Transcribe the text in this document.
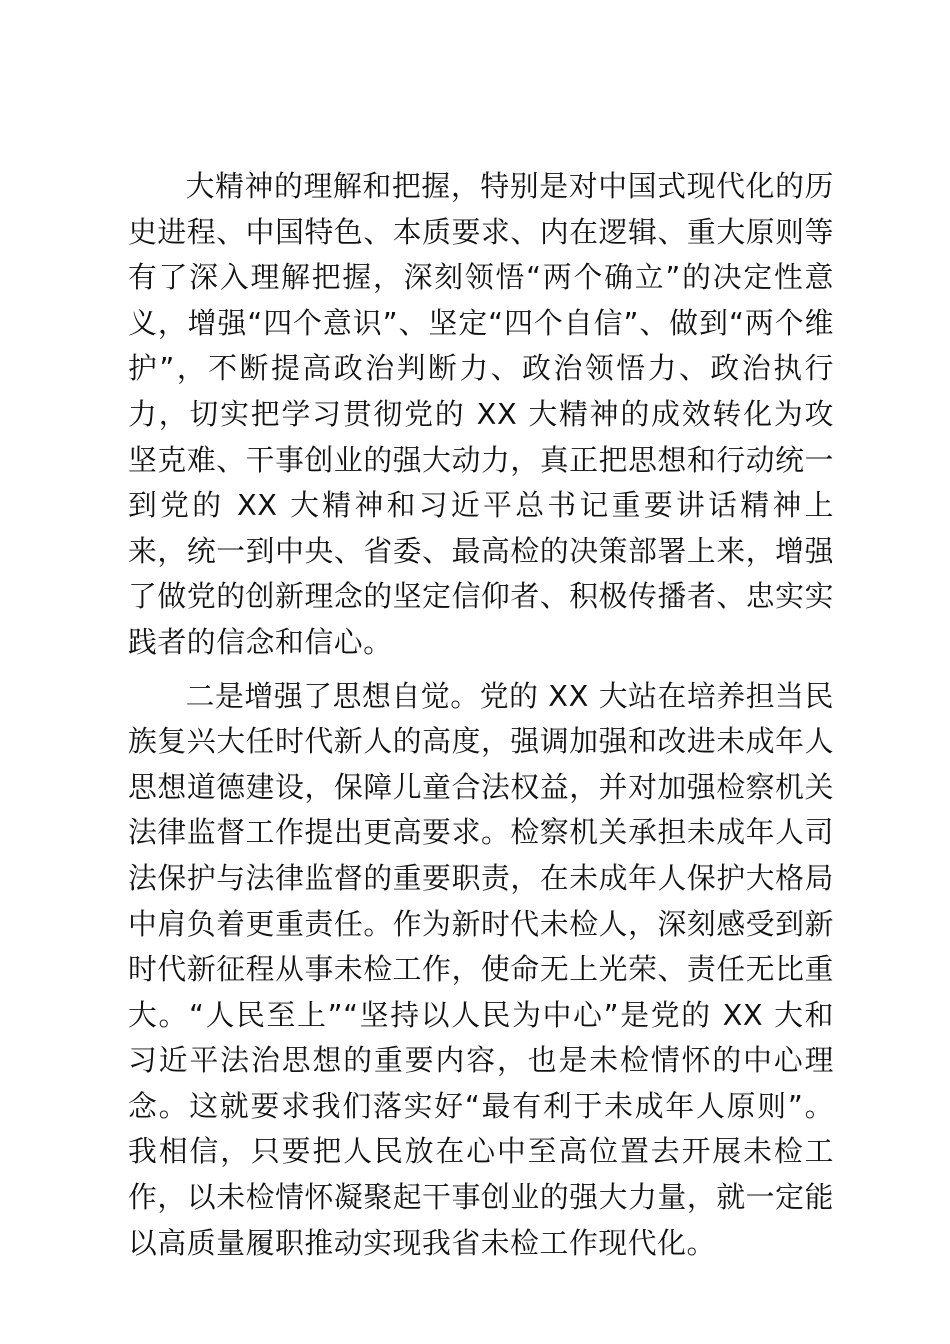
大精神的理解和把握，特别是对中国式现代化的历史进程、中国特色、本质要求、内在逻辑、重大原则等有了深入理解把握，深刻领悟“两个确立”的决定性意义，增强“四个意识”、坚定“四个自信”、做到“两个维护”，不断提高政治判断力、政治领悟力、政治执行力，切实把学习贯彻党的 XX 大精神的成效转化为攻坚克难、干事创业的强大动力，真正把思想和行动统一到党的 XX 大精神和习近平总书记重要讲话精神上来，统一到中央、省委、最高检的决策部署上来，增强了做党的创新理念的坚定信仰者、积极传播者、忠实实践者的信念和信心。

二是增强了思想自觉。党的 XX 大站在培养担当民族复兴大任时代新人的高度，强调加强和改进未成年人思想道德建设，保障儿童合法权益，并对加强检察机关法律监督工作提出更高要求。检察机关承担未成年人司法保护与法律监督的重要职责，在未成年人保护大格局中肩负着更重责任。作为新时代未检人，深刻感受到新时代新征程从事未检工作，使命无上光荣、责任无比重大。“人民至上”“坚持以人民为中心”是党的 XX 大和习近平法治思想的重要内容，也是未检情怀的中心理念。这就要求我们落实好“最有利于未成年人原则”。我相信，只要把人民放在心中至高位置去开展未检工作，以未检情怀凝聚起干事创业的强大力量，就一定能以高质量履职推动实现我省未检工作现代化。
